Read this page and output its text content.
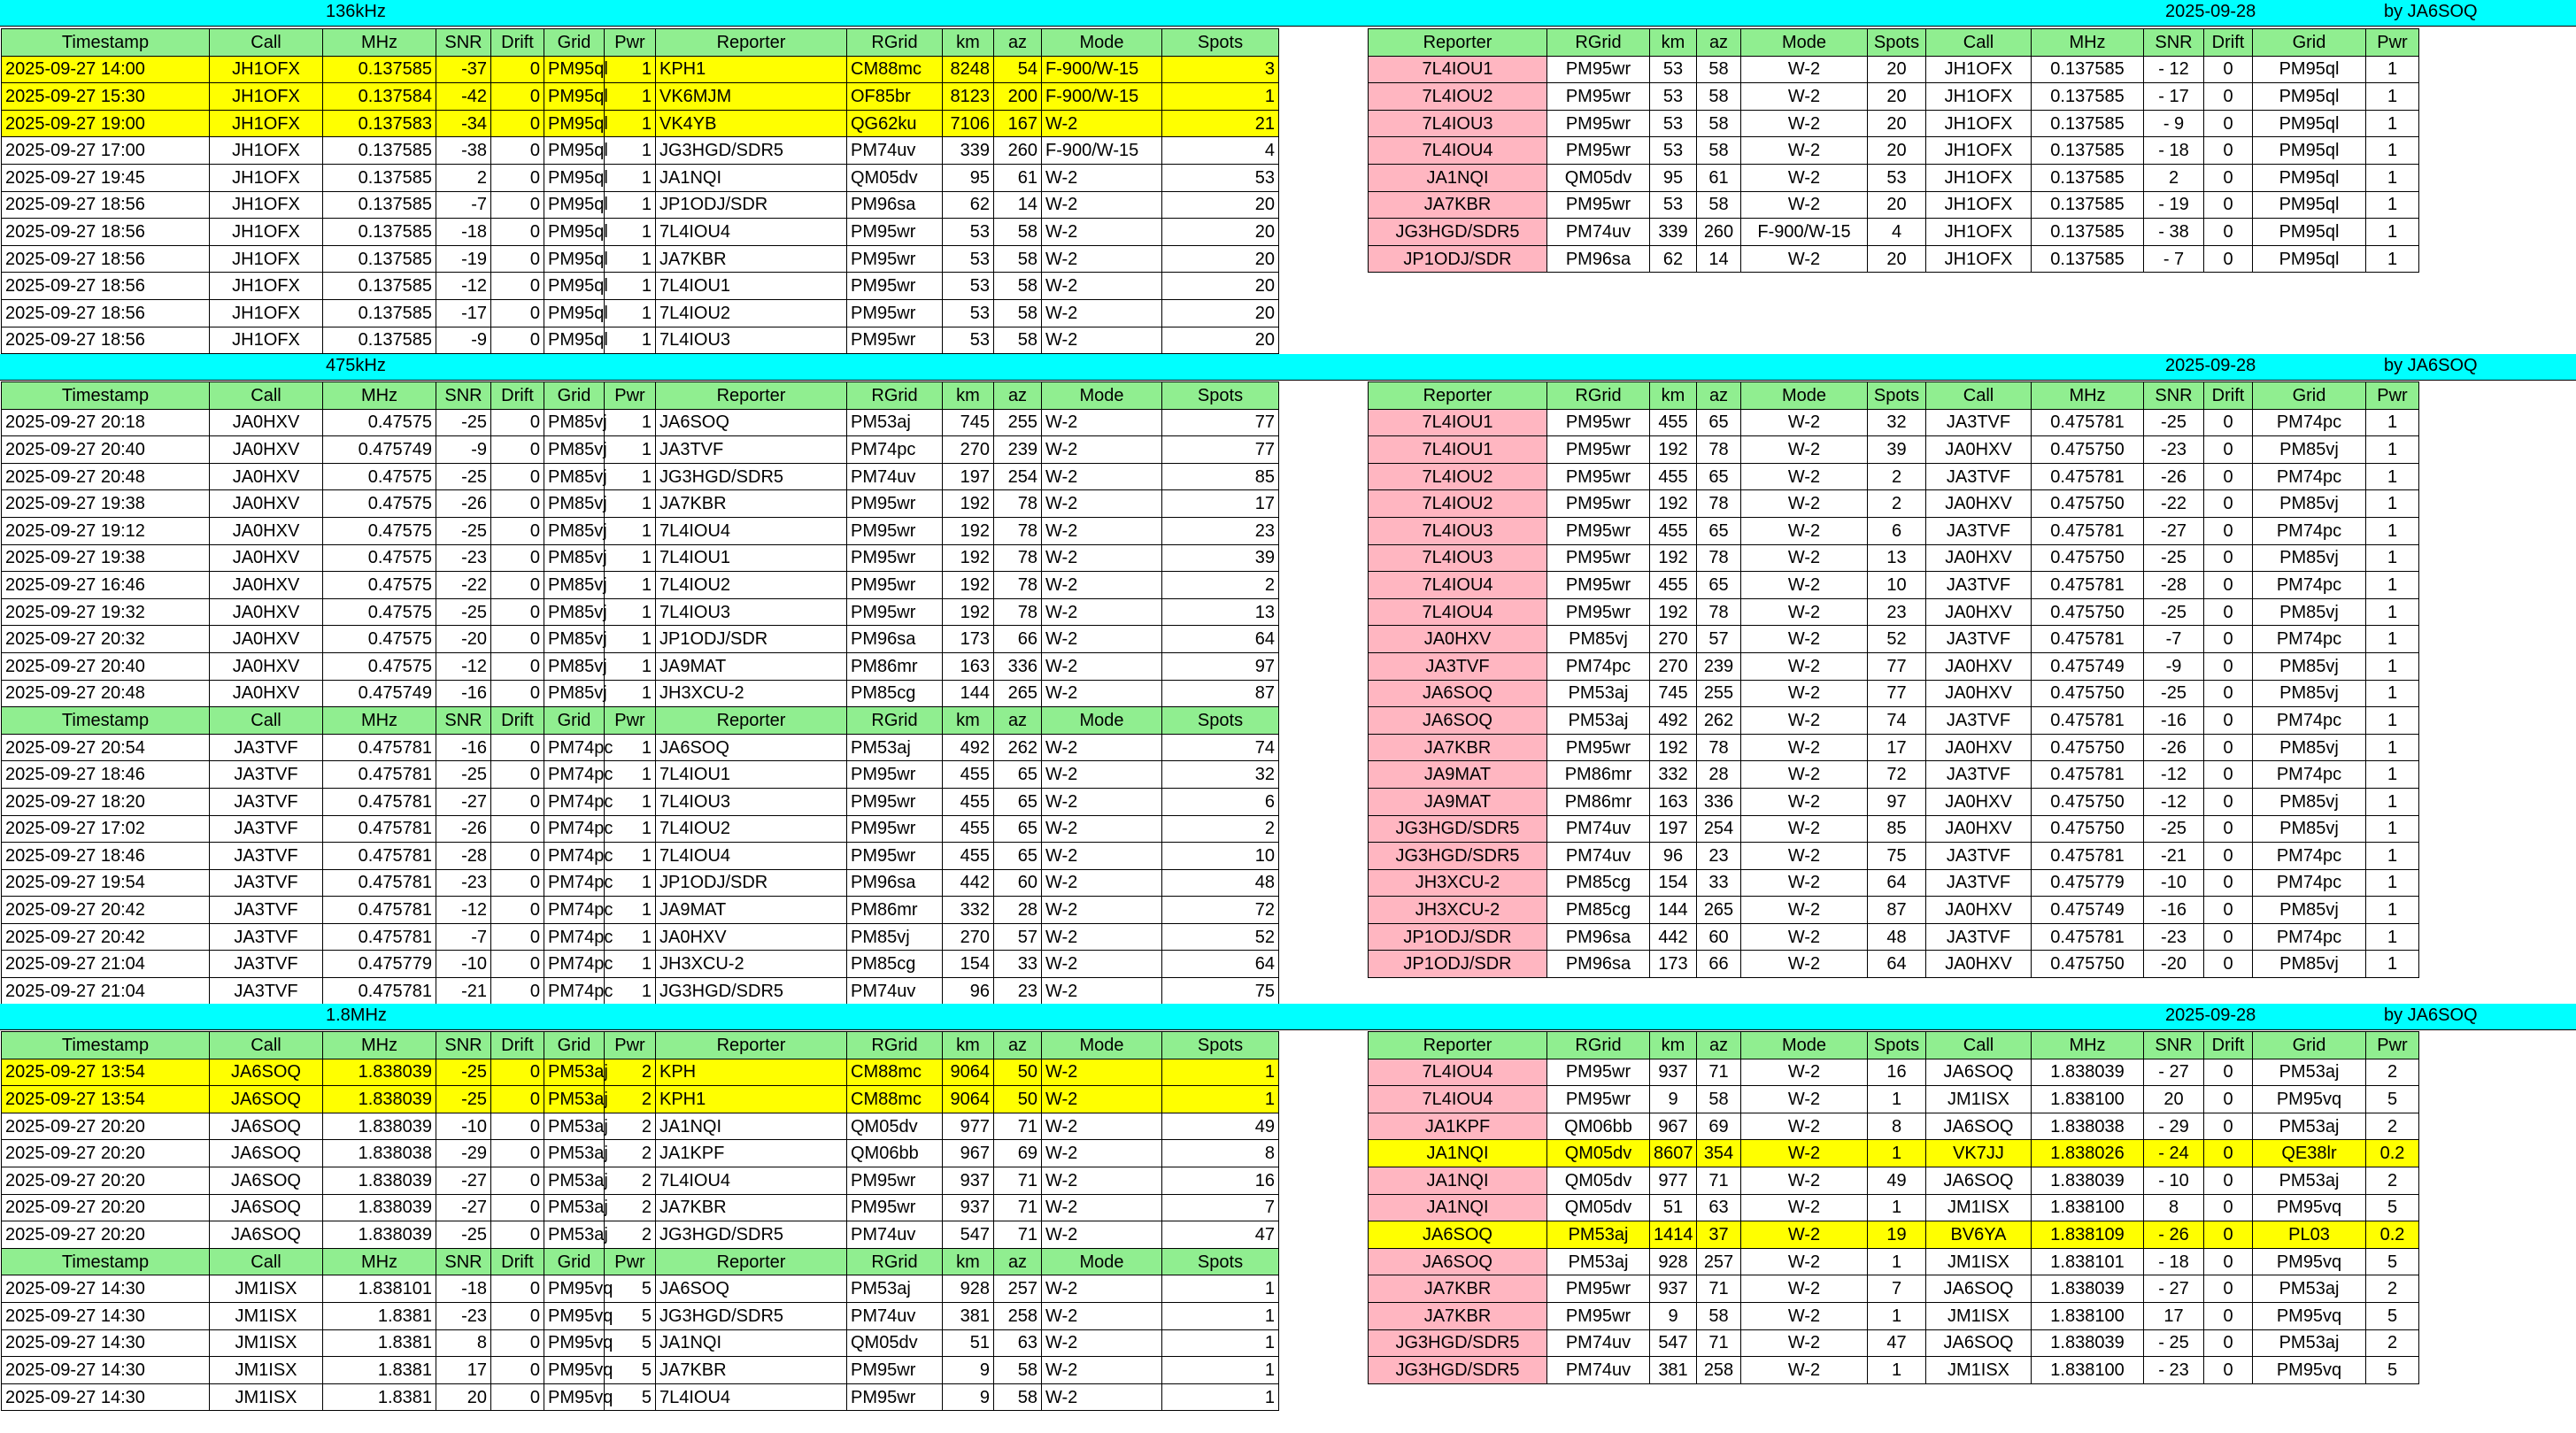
136kHz	2025-09-28	by JA6SOQ
Timestamp	Call	MHz	SNR	Drift	Grid	Pwr	Reporter	RGrid	km	az	Mode	Spots
2025-09-27 14:00	JH1OFX	0.137585	-37	0	PM95ql	1	KPH1	CM88mc	8248	54	F-900/W-15	3
2025-09-27 15:30	JH1OFX	0.137584	-42	0	PM95ql	1	VK6MJM	OF85br	8123	200	F-900/W-15	1
2025-09-27 19:00	JH1OFX	0.137583	-34	0	PM95ql	1	VK4YB	QG62ku	7106	167	W-2	21
2025-09-27 17:00	JH1OFX	0.137585	-38	0	PM95ql	1	JG3HGD/SDR5	PM74uv	339	260	F-900/W-15	4
2025-09-27 19:45	JH1OFX	0.137585	2	0	PM95ql	1	JA1NQI	QM05dv	95	61	W-2	53
2025-09-27 18:56	JH1OFX	0.137585	-7	0	PM95ql	1	JP1ODJ/SDR	PM96sa	62	14	W-2	20
2025-09-27 18:56	JH1OFX	0.137585	-18	0	PM95ql	1	7L4IOU4	PM95wr	53	58	W-2	20
2025-09-27 18:56	JH1OFX	0.137585	-19	0	PM95ql	1	JA7KBR	PM95wr	53	58	W-2	20
2025-09-27 18:56	JH1OFX	0.137585	-12	0	PM95ql	1	7L4IOU1	PM95wr	53	58	W-2	20
2025-09-27 18:56	JH1OFX	0.137585	-17	0	PM95ql	1	7L4IOU2	PM95wr	53	58	W-2	20
2025-09-27 18:56	JH1OFX	0.137585	-9	0	PM95ql	1	7L4IOU3	PM95wr	53	58	W-2	20
Reporter	RGrid	km	az	Mode	Spots	Call	MHz	SNR	Drift	Grid	Pwr
7L4IOU1	PM95wr	53	58	W-2	20	JH1OFX	0.137585	- 12	0	PM95ql	1
7L4IOU2	PM95wr	53	58	W-2	20	JH1OFX	0.137585	- 17	0	PM95ql	1
7L4IOU3	PM95wr	53	58	W-2	20	JH1OFX	0.137585	- 9	0	PM95ql	1
7L4IOU4	PM95wr	53	58	W-2	20	JH1OFX	0.137585	- 18	0	PM95ql	1
JA1NQI	QM05dv	95	61	W-2	53	JH1OFX	0.137585	2	0	PM95ql	1
JA7KBR	PM95wr	53	58	W-2	20	JH1OFX	0.137585	- 19	0	PM95ql	1
JG3HGD/SDR5	PM74uv	339	260	F-900/W-15	4	JH1OFX	0.137585	- 38	0	PM95ql	1
JP1ODJ/SDR	PM96sa	62	14	W-2	20	JH1OFX	0.137585	- 7	0	PM95ql	1
475kHz	2025-09-28	by JA6SOQ
Timestamp	Call	MHz	SNR	Drift	Grid	Pwr	Reporter	RGrid	km	az	Mode	Spots
2025-09-27 20:18	JA0HXV	0.47575	-25	0	PM85vj	1	JA6SOQ	PM53aj	745	255	W-2	77
2025-09-27 20:40	JA0HXV	0.475749	-9	0	PM85vj	1	JA3TVF	PM74pc	270	239	W-2	77
2025-09-27 20:48	JA0HXV	0.47575	-25	0	PM85vj	1	JG3HGD/SDR5	PM74uv	197	254	W-2	85
2025-09-27 19:38	JA0HXV	0.47575	-26	0	PM85vj	1	JA7KBR	PM95wr	192	78	W-2	17
2025-09-27 19:12	JA0HXV	0.47575	-25	0	PM85vj	1	7L4IOU4	PM95wr	192	78	W-2	23
2025-09-27 19:38	JA0HXV	0.47575	-23	0	PM85vj	1	7L4IOU1	PM95wr	192	78	W-2	39
2025-09-27 16:46	JA0HXV	0.47575	-22	0	PM85vj	1	7L4IOU2	PM95wr	192	78	W-2	2
2025-09-27 19:32	JA0HXV	0.47575	-25	0	PM85vj	1	7L4IOU3	PM95wr	192	78	W-2	13
2025-09-27 20:32	JA0HXV	0.47575	-20	0	PM85vj	1	JP1ODJ/SDR	PM96sa	173	66	W-2	64
2025-09-27 20:40	JA0HXV	0.47575	-12	0	PM85vj	1	JA9MAT	PM86mr	163	336	W-2	97
2025-09-27 20:48	JA0HXV	0.475749	-16	0	PM85vj	1	JH3XCU-2	PM85cg	144	265	W-2	87
Timestamp	Call	MHz	SNR	Drift	Grid	Pwr	Reporter	RGrid	km	az	Mode	Spots
2025-09-27 20:54	JA3TVF	0.475781	-16	0	PM74pc	1	JA6SOQ	PM53aj	492	262	W-2	74
2025-09-27 18:46	JA3TVF	0.475781	-25	0	PM74pc	1	7L4IOU1	PM95wr	455	65	W-2	32
2025-09-27 18:20	JA3TVF	0.475781	-27	0	PM74pc	1	7L4IOU3	PM95wr	455	65	W-2	6
2025-09-27 17:02	JA3TVF	0.475781	-26	0	PM74pc	1	7L4IOU2	PM95wr	455	65	W-2	2
2025-09-27 18:46	JA3TVF	0.475781	-28	0	PM74pc	1	7L4IOU4	PM95wr	455	65	W-2	10
2025-09-27 19:54	JA3TVF	0.475781	-23	0	PM74pc	1	JP1ODJ/SDR	PM96sa	442	60	W-2	48
2025-09-27 20:42	JA3TVF	0.475781	-12	0	PM74pc	1	JA9MAT	PM86mr	332	28	W-2	72
2025-09-27 20:42	JA3TVF	0.475781	-7	0	PM74pc	1	JA0HXV	PM85vj	270	57	W-2	52
2025-09-27 21:04	JA3TVF	0.475779	-10	0	PM74pc	1	JH3XCU-2	PM85cg	154	33	W-2	64
2025-09-27 21:04	JA3TVF	0.475781	-21	0	PM74pc	1	JG3HGD/SDR5	PM74uv	96	23	W-2	75
Reporter	RGrid	km	az	Mode	Spots	Call	MHz	SNR	Drift	Grid	Pwr
7L4IOU1	PM95wr	455	65	W-2	32	JA3TVF	0.475781	-25	0	PM74pc	1
7L4IOU1	PM95wr	192	78	W-2	39	JA0HXV	0.475750	-23	0	PM85vj	1
7L4IOU2	PM95wr	455	65	W-2	2	JA3TVF	0.475781	-26	0	PM74pc	1
7L4IOU2	PM95wr	192	78	W-2	2	JA0HXV	0.475750	-22	0	PM85vj	1
7L4IOU3	PM95wr	455	65	W-2	6	JA3TVF	0.475781	-27	0	PM74pc	1
7L4IOU3	PM95wr	192	78	W-2	13	JA0HXV	0.475750	-25	0	PM85vj	1
7L4IOU4	PM95wr	455	65	W-2	10	JA3TVF	0.475781	-28	0	PM74pc	1
7L4IOU4	PM95wr	192	78	W-2	23	JA0HXV	0.475750	-25	0	PM85vj	1
JA0HXV	PM85vj	270	57	W-2	52	JA3TVF	0.475781	-7	0	PM74pc	1
JA3TVF	PM74pc	270	239	W-2	77	JA0HXV	0.475749	-9	0	PM85vj	1
JA6SOQ	PM53aj	745	255	W-2	77	JA0HXV	0.475750	-25	0	PM85vj	1
JA6SOQ	PM53aj	492	262	W-2	74	JA3TVF	0.475781	-16	0	PM74pc	1
JA7KBR	PM95wr	192	78	W-2	17	JA0HXV	0.475750	-26	0	PM85vj	1
JA9MAT	PM86mr	332	28	W-2	72	JA3TVF	0.475781	-12	0	PM74pc	1
JA9MAT	PM86mr	163	336	W-2	97	JA0HXV	0.475750	-12	0	PM85vj	1
JG3HGD/SDR5	PM74uv	197	254	W-2	85	JA0HXV	0.475750	-25	0	PM85vj	1
JG3HGD/SDR5	PM74uv	96	23	W-2	75	JA3TVF	0.475781	-21	0	PM74pc	1
JH3XCU-2	PM85cg	154	33	W-2	64	JA3TVF	0.475779	-10	0	PM74pc	1
JH3XCU-2	PM85cg	144	265	W-2	87	JA0HXV	0.475749	-16	0	PM85vj	1
JP1ODJ/SDR	PM96sa	442	60	W-2	48	JA3TVF	0.475781	-23	0	PM74pc	1
JP1ODJ/SDR	PM96sa	173	66	W-2	64	JA0HXV	0.475750	-20	0	PM85vj	1
1.8MHz	2025-09-28	by JA6SOQ
Timestamp	Call	MHz	SNR	Drift	Grid	Pwr	Reporter	RGrid	km	az	Mode	Spots
2025-09-27 13:54	JA6SOQ	1.838039	-25	0	PM53aj	2	KPH	CM88mc	9064	50	W-2	1
2025-09-27 13:54	JA6SOQ	1.838039	-25	0	PM53aj	2	KPH1	CM88mc	9064	50	W-2	1
2025-09-27 20:20	JA6SOQ	1.838039	-10	0	PM53aj	2	JA1NQI	QM05dv	977	71	W-2	49
2025-09-27 20:20	JA6SOQ	1.838038	-29	0	PM53aj	2	JA1KPF	QM06bb	967	69	W-2	8
2025-09-27 20:20	JA6SOQ	1.838039	-27	0	PM53aj	2	7L4IOU4	PM95wr	937	71	W-2	16
2025-09-27 20:20	JA6SOQ	1.838039	-27	0	PM53aj	2	JA7KBR	PM95wr	937	71	W-2	7
2025-09-27 20:20	JA6SOQ	1.838039	-25	0	PM53aj	2	JG3HGD/SDR5	PM74uv	547	71	W-2	47
Timestamp	Call	MHz	SNR	Drift	Grid	Pwr	Reporter	RGrid	km	az	Mode	Spots
2025-09-27 14:30	JM1ISX	1.838101	-18	0	PM95vq	5	JA6SOQ	PM53aj	928	257	W-2	1
2025-09-27 14:30	JM1ISX	1.8381	-23	0	PM95vq	5	JG3HGD/SDR5	PM74uv	381	258	W-2	1
2025-09-27 14:30	JM1ISX	1.8381	8	0	PM95vq	5	JA1NQI	QM05dv	51	63	W-2	1
2025-09-27 14:30	JM1ISX	1.8381	17	0	PM95vq	5	JA7KBR	PM95wr	9	58	W-2	1
2025-09-27 14:30	JM1ISX	1.8381	20	0	PM95vq	5	7L4IOU4	PM95wr	9	58	W-2	1
Reporter	RGrid	km	az	Mode	Spots	Call	MHz	SNR	Drift	Grid	Pwr
7L4IOU4	PM95wr	937	71	W-2	16	JA6SOQ	1.838039	- 27	0	PM53aj	2
7L4IOU4	PM95wr	9	58	W-2	1	JM1ISX	1.838100	20	0	PM95vq	5
JA1KPF	QM06bb	967	69	W-2	8	JA6SOQ	1.838038	- 29	0	PM53aj	2
JA1NQI	QM05dv	8607	354	W-2	1	VK7JJ	1.838026	- 24	0	QE38lr	0.2
JA1NQI	QM05dv	977	71	W-2	49	JA6SOQ	1.838039	- 10	0	PM53aj	2
JA1NQI	QM05dv	51	63	W-2	1	JM1ISX	1.838100	8	0	PM95vq	5
JA6SOQ	PM53aj	1414	37	W-2	19	BV6YA	1.838109	- 26	0	PL03	0.2
JA6SOQ	PM53aj	928	257	W-2	1	JM1ISX	1.838101	- 18	0	PM95vq	5
JA7KBR	PM95wr	937	71	W-2	7	JA6SOQ	1.838039	- 27	0	PM53aj	2
JA7KBR	PM95wr	9	58	W-2	1	JM1ISX	1.838100	17	0	PM95vq	5
JG3HGD/SDR5	PM74uv	547	71	W-2	47	JA6SOQ	1.838039	- 25	0	PM53aj	2
JG3HGD/SDR5	PM74uv	381	258	W-2	1	JM1ISX	1.838100	- 23	0	PM95vq	5
